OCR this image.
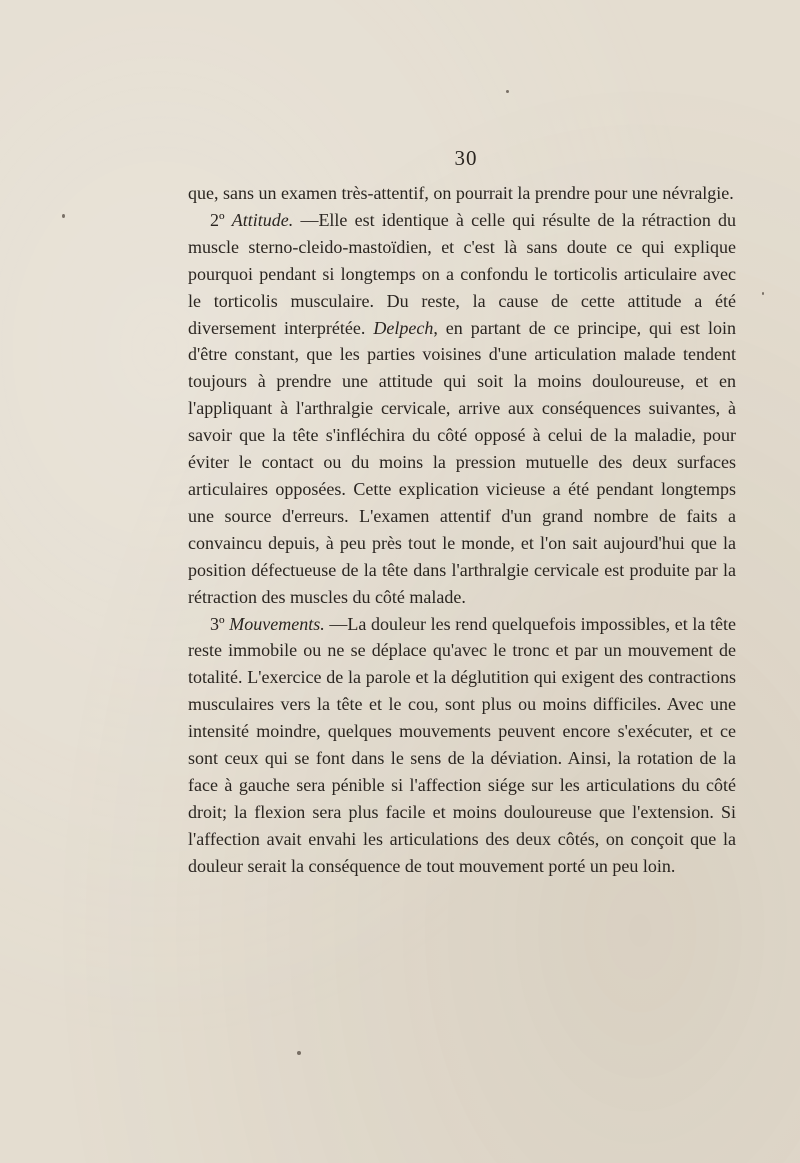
30

que, sans un examen très-attentif, on pourrait la prendre pour une névralgie.

2º Attitude. —Elle est identique à celle qui résulte de la rétraction du muscle sterno-cleido-mastoïdien, et c'est là sans doute ce qui explique pourquoi pendant si longtemps on a confondu le torticolis articulaire avec le torticolis musculaire. Du reste, la cause de cette attitude a été diversement interprétée. Delpech, en partant de ce principe, qui est loin d'être constant, que les parties voisines d'une articulation malade tendent toujours à prendre une attitude qui soit la moins douloureuse, et en l'appliquant à l'arthralgie cervicale, arrive aux conséquences suivantes, à savoir que la tête s'infléchira du côté opposé à celui de la maladie, pour éviter le contact ou du moins la pression mutuelle des deux surfaces articulaires opposées. Cette explication vicieuse a été pendant longtemps une source d'erreurs. L'examen attentif d'un grand nombre de faits a convaincu depuis, à peu près tout le monde, et l'on sait aujourd'hui que la position défectueuse de la tête dans l'arthralgie cervicale est produite par la rétraction des muscles du côté malade.

3º Mouvements. —La douleur les rend quelquefois impossibles, et la tête reste immobile ou ne se déplace qu'avec le tronc et par un mouvement de totalité. L'exercice de la parole et la déglutition qui exigent des contractions musculaires vers la tête et le cou, sont plus ou moins difficiles. Avec une intensité moindre, quelques mouvements peuvent encore s'exécuter, et ce sont ceux qui se font dans le sens de la déviation. Ainsi, la rotation de la face à gauche sera pénible si l'affection siége sur les articulations du côté droit; la flexion sera plus facile et moins douloureuse que l'extension. Si l'affection avait envahi les articulations des deux côtés, on conçoit que la douleur serait la conséquence de tout mouvement porté un peu loin.
